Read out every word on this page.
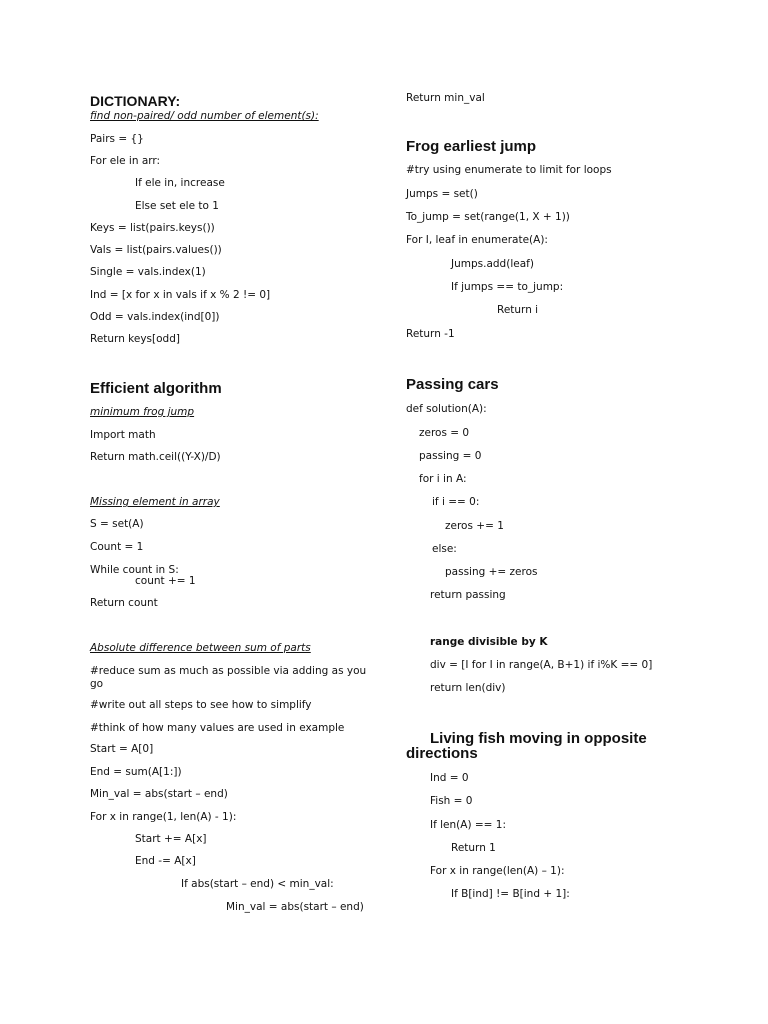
DICTIONARY:
find non-paired/ odd number of element(s):
Pairs = {}
For ele in arr:
If ele in, increase
Else set ele to 1
Keys = list(pairs.keys())
Vals = list(pairs.values())
Single = vals.index(1)
Ind = [x for x in vals if x % 2 != 0]
Odd = vals.index(ind[0])
Return keys[odd]
Efficient algorithm
minimum frog jump
Import math
Return math.ceil((Y-X)/D)
Missing element in array
S = set(A)
Count = 1
While count in S:
count += 1
Return count
Absolute difference between sum of parts
#reduce sum as much as possible via adding as you go
#write out all steps to see how to simplify
#think of how many values are used in example
Start = A[0]
End = sum(A[1:])
Min_val = abs(start – end)
For x in range(1, len(A) - 1):
Start += A[x]
End -= A[x]
If abs(start – end) < min_val:
Min_val = abs(start – end)
Return min_val
Frog earliest jump
#try using enumerate to limit for loops
Jumps = set()
To_jump = set(range(1, X + 1))
For I, leaf in enumerate(A):
Jumps.add(leaf)
If jumps == to_jump:
Return i
Return -1
Passing cars
def solution(A):
zeros = 0
passing = 0
for i in A:
if i == 0:
zeros += 1
else:
passing += zeros
return passing
range divisible by K
div = [I for I in range(A, B+1) if i%K == 0]
return len(div)
Living fish moving in opposite directions
Ind = 0
Fish = 0
If len(A) == 1:
Return 1
For x in range(len(A) – 1):
If B[ind] != B[ind + 1]:
